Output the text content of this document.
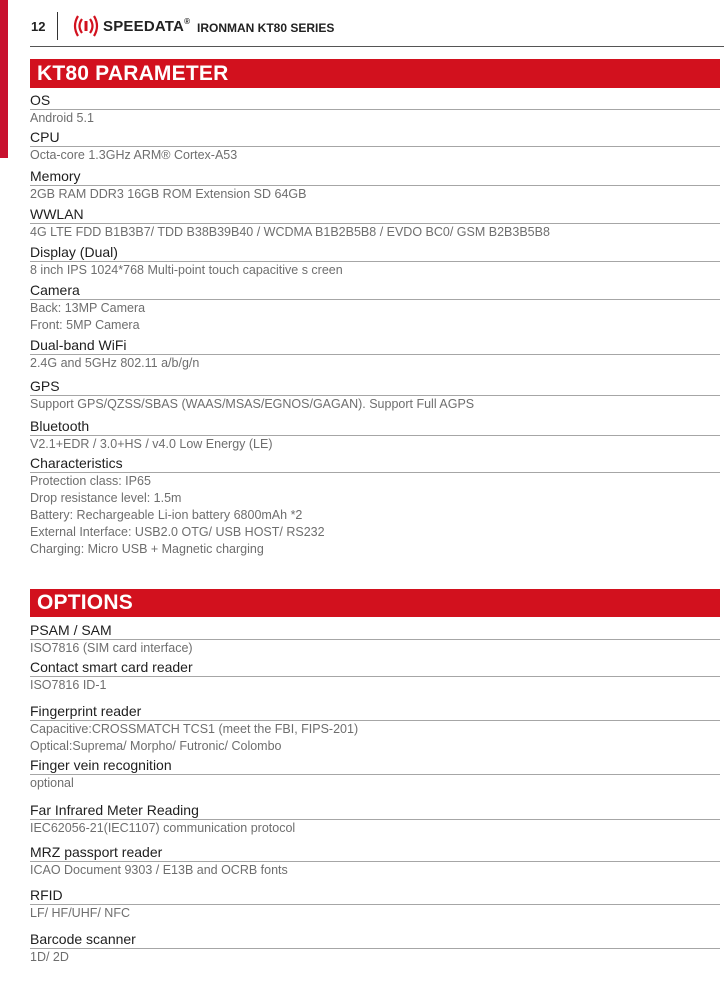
12	SPEEDATA® IRONMAN KT80 SERIES
KT80 PARAMETER
OS
Android 5.1
CPU
Octa-core 1.3GHz ARM® Cortex-A53
Memory
2GB RAM DDR3 16GB ROM Extension SD 64GB
WWLAN
4G LTE FDD B1B3B7/ TDD B38B39B40 / WCDMA B1B2B5B8 / EVDO BC0/ GSM B2B3B5B8
Display (Dual)
8 inch IPS 1024*768 Multi-point touch capacitive s creen
Camera
Back: 13MP Camera
Front: 5MP Camera
Dual-band WiFi
2.4G and 5GHz 802.11 a/b/g/n
GPS
Support GPS/QZSS/SBAS (WAAS/MSAS/EGNOS/GAGAN). Support Full AGPS
Bluetooth
V2.1+EDR / 3.0+HS / v4.0 Low Energy (LE)
Characteristics
Protection class: IP65
Drop resistance level: 1.5m
Battery: Rechargeable Li-ion battery 6800mAh *2
External Interface: USB2.0 OTG/ USB HOST/ RS232
Charging: Micro USB + Magnetic charging
OPTIONS
PSAM / SAM
ISO7816 (SIM card interface)
Contact smart card reader
ISO7816 ID-1
Fingerprint reader
Capacitive:CROSSMATCH TCS1 (meet the FBI, FIPS-201)
Optical:Suprema/ Morpho/ Futronic/ Colombo
Finger vein recognition
optional
Far Infrared Meter Reading
IEC62056-21(IEC1107) communication protocol
MRZ passport reader
ICAO Document 9303 / E13B and OCRB fonts
RFID
LF/ HF/UHF/ NFC
Barcode scanner
1D/ 2D
